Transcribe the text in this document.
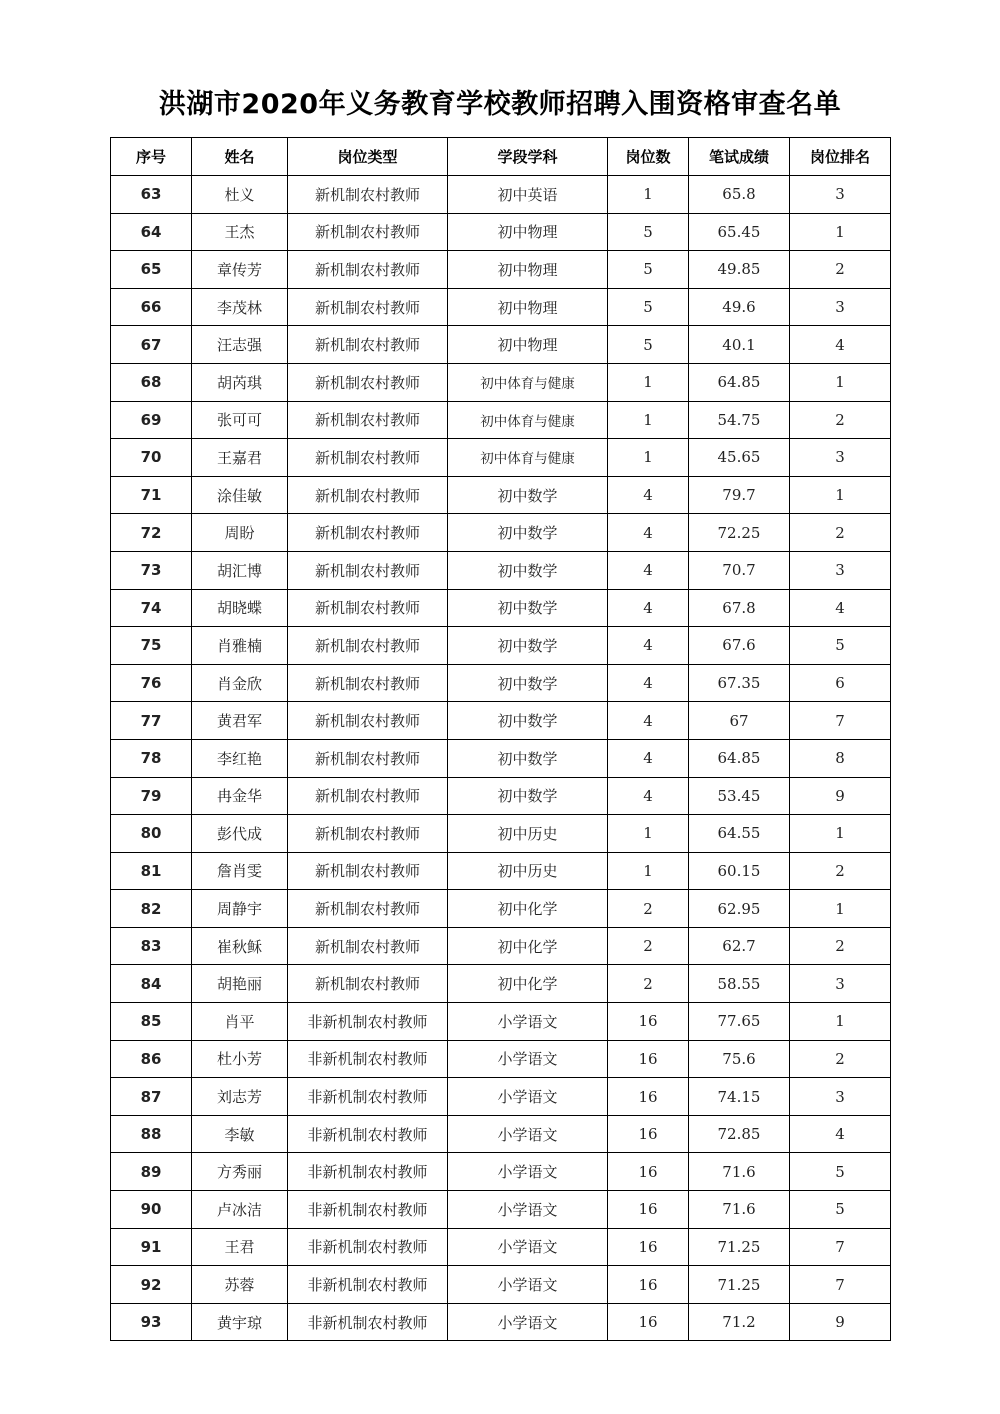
洪湖市2020年义务教育学校教师招聘入围资格审查名单
序号	姓名	岗位类型	学段学科	岗位数	笔试成绩	岗位排名
63	杜义	新机制农村教师	初中英语	1	65.8	3
64	王杰	新机制农村教师	初中物理	5	65.45	1
65	章传芳	新机制农村教师	初中物理	5	49.85	2
66	李茂林	新机制农村教师	初中物理	5	49.6	3
67	汪志强	新机制农村教师	初中物理	5	40.1	4
68	胡芮琪	新机制农村教师	初中体育与健康	1	64.85	1
69	张可可	新机制农村教师	初中体育与健康	1	54.75	2
70	王嘉君	新机制农村教师	初中体育与健康	1	45.65	3
71	涂佳敏	新机制农村教师	初中数学	4	79.7	1
72	周盼	新机制农村教师	初中数学	4	72.25	2
73	胡汇博	新机制农村教师	初中数学	4	70.7	3
74	胡晓蝶	新机制农村教师	初中数学	4	67.8	4
75	肖雅楠	新机制农村教师	初中数学	4	67.6	5
76	肖金欣	新机制农村教师	初中数学	4	67.35	6
77	黄君军	新机制农村教师	初中数学	4	67	7
78	李红艳	新机制农村教师	初中数学	4	64.85	8
79	冉金华	新机制农村教师	初中数学	4	53.45	9
80	彭代成	新机制农村教师	初中历史	1	64.55	1
81	詹肖雯	新机制农村教师	初中历史	1	60.15	2
82	周静宇	新机制农村教师	初中化学	2	62.95	1
83	崔秋稣	新机制农村教师	初中化学	2	62.7	2
84	胡艳丽	新机制农村教师	初中化学	2	58.55	3
85	肖平	非新机制农村教师	小学语文	16	77.65	1
86	杜小芳	非新机制农村教师	小学语文	16	75.6	2
87	刘志芳	非新机制农村教师	小学语文	16	74.15	3
88	李敏	非新机制农村教师	小学语文	16	72.85	4
89	方秀丽	非新机制农村教师	小学语文	16	71.6	5
90	卢冰洁	非新机制农村教师	小学语文	16	71.6	5
91	王君	非新机制农村教师	小学语文	16	71.25	7
92	苏蓉	非新机制农村教师	小学语文	16	71.25	7
93	黄宇琼	非新机制农村教师	小学语文	16	71.2	9
